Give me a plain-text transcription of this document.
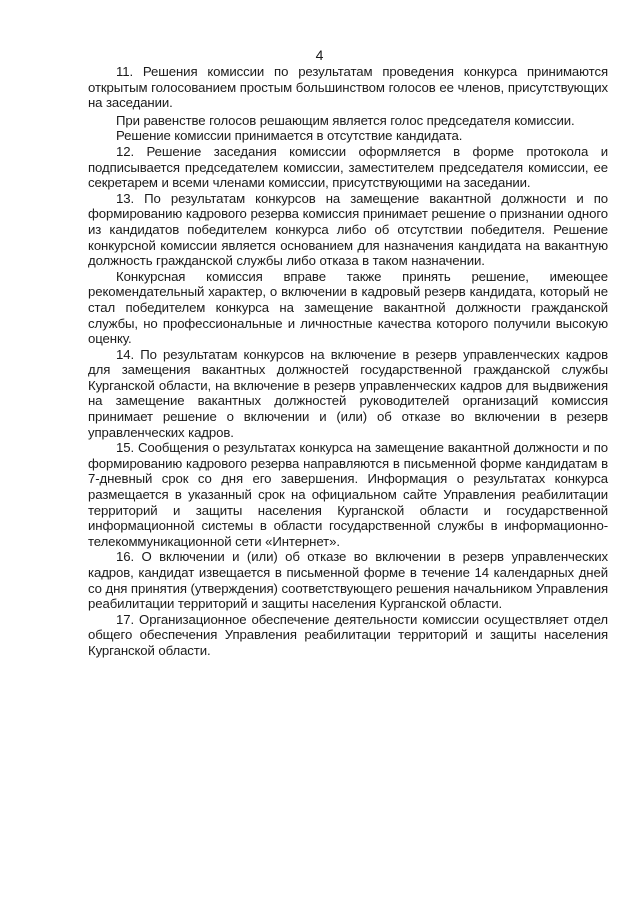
4

11. Решения комиссии по результатам проведения конкурса принимаются открытым голосованием простым большинством голосов ее членов, присутствующих на заседании.

При равенстве голосов решающим является голос председателя комиссии.

Решение комиссии принимается в отсутствие кандидата.

12. Решение заседания комиссии оформляется в форме протокола и подписывается председателем комиссии, заместителем председателя комиссии, ее секретарем и всеми членами комиссии, присутствующими на заседании.

13. По результатам конкурсов на замещение вакантной должности и по формированию кадрового резерва комиссия принимает решение о признании одного из кандидатов победителем конкурса либо об отсутствии победителя. Решение конкурсной комиссии является основанием для назначения кандидата на вакантную должность гражданской службы либо отказа в таком назначении.

Конкурсная комиссия вправе также принять решение, имеющее рекомендательный характер, о включении в кадровый резерв кандидата, который не стал победителем конкурса на замещение вакантной должности гражданской службы, но профессиональные и личностные качества которого получили высокую оценку.

14. По результатам конкурсов на включение в резерв управленческих кадров для замещения вакантных должностей государственной гражданской службы Курганской области, на включение в резерв управленческих кадров для выдвижения на замещение вакантных должностей руководителей организаций комиссия принимает решение о включении и (или) об отказе во включении в резерв управленческих кадров.

15. Сообщения о результатах конкурса на замещение вакантной должности и по формированию кадрового резерва направляются в письменной форме кандидатам в 7-дневный срок со дня его завершения. Информация о результатах конкурса размещается в указанный срок на официальном сайте Управления реабилитации территорий и защиты населения Курганской области и государственной информационной системы в области государственной службы в информационно-телекоммуникационной сети «Интернет».

16. О включении и (или) об отказе во включении в резерв управленческих кадров, кандидат извещается в письменной форме в течение 14 календарных дней со дня принятия (утверждения) соответствующего решения начальником Управления реабилитации территорий и защиты населения Курганской области.

17. Организационное обеспечение деятельности комиссии осуществляет отдел общего обеспечения Управления реабилитации территорий и защиты населения Курганской области.
